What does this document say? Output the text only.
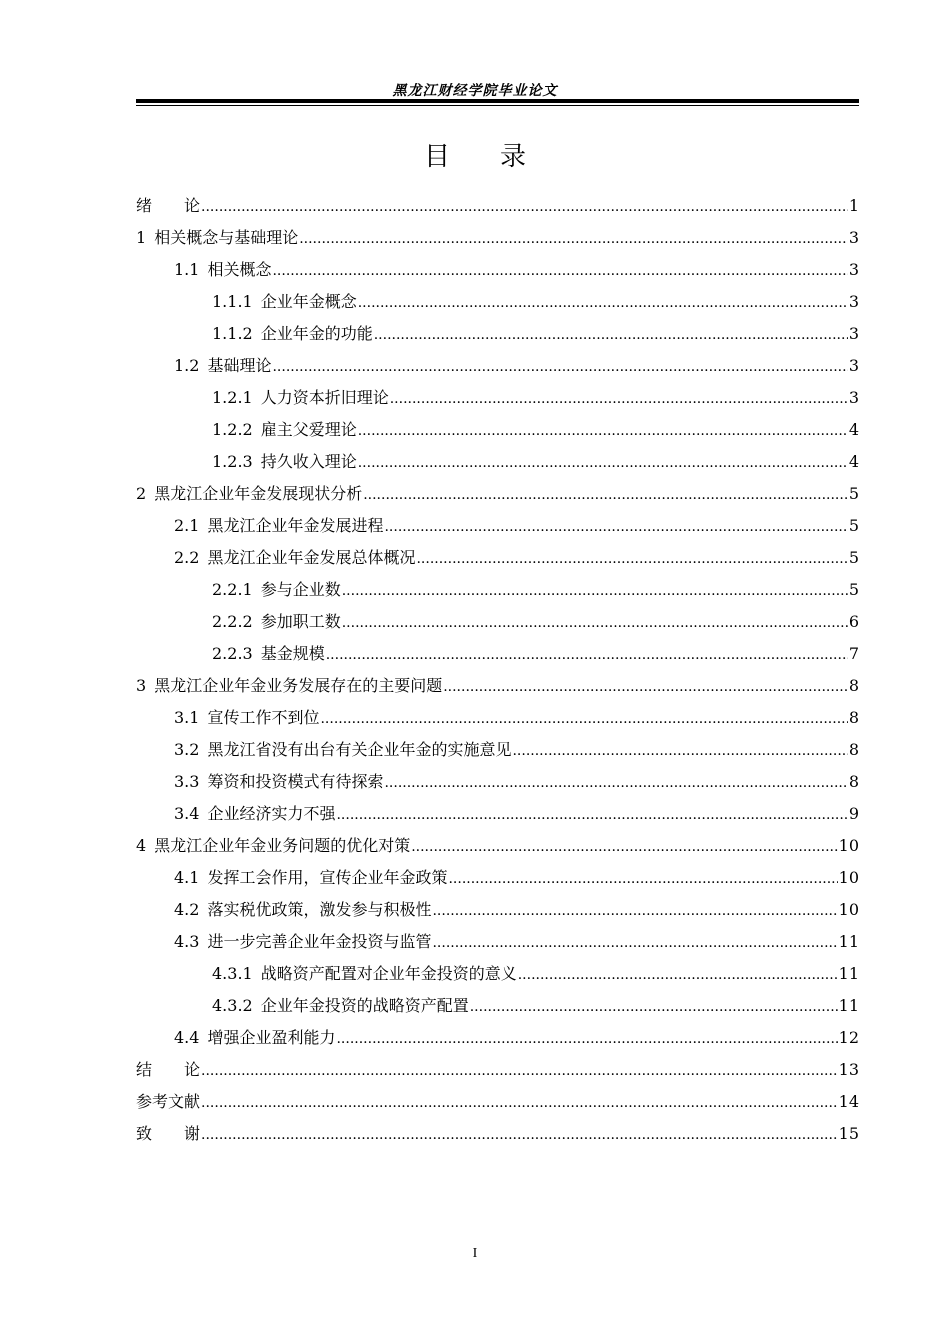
黑龙江财经学院毕业论文
目 录
绪 论 .....	1
1 相关概念与基础理论 .....	3
1.1 相关概念 .....	3
1.1.1 企业年金概念 .....	3
1.1.2 企业年金的功能 .....	3
1.2 基础理论 .....	3
1.2.1 人力资本折旧理论 .....	3
1.2.2 雇主父爱理论 .....	4
1.2.3 持久收入理论 .....	4
2 黑龙江企业年金发展现状分析 .....	5
2.1 黑龙江企业年金发展进程 .....	5
2.2 黑龙江企业年金发展总体概况 .....	5
2.2.1 参与企业数 .....	5
2.2.2 参加职工数 .....	6
2.2.3 基金规模 .....	7
3 黑龙江企业年金业务发展存在的主要问题 .....	8
3.1 宣传工作不到位 .....	8
3.2 黑龙江省没有出台有关企业年金的实施意见 .....	8
3.3 筹资和投资模式有待探索 .....	8
3.4 企业经济实力不强 .....	9
4 黑龙江企业年金业务问题的优化对策 .....	10
4.1 发挥工会作用，宣传企业年金政策 .....	10
4.2 落实税优政策，激发参与积极性 .....	10
4.3 进一步完善企业年金投资与监管 .....	11
4.3.1 战略资产配置对企业年金投资的意义 .....	11
4.3.2 企业年金投资的战略资产配置 .....	11
4.4 增强企业盈利能力 .....	12
结 论 .....	13
参考文献 .....	14
致 谢 .....	15
I
